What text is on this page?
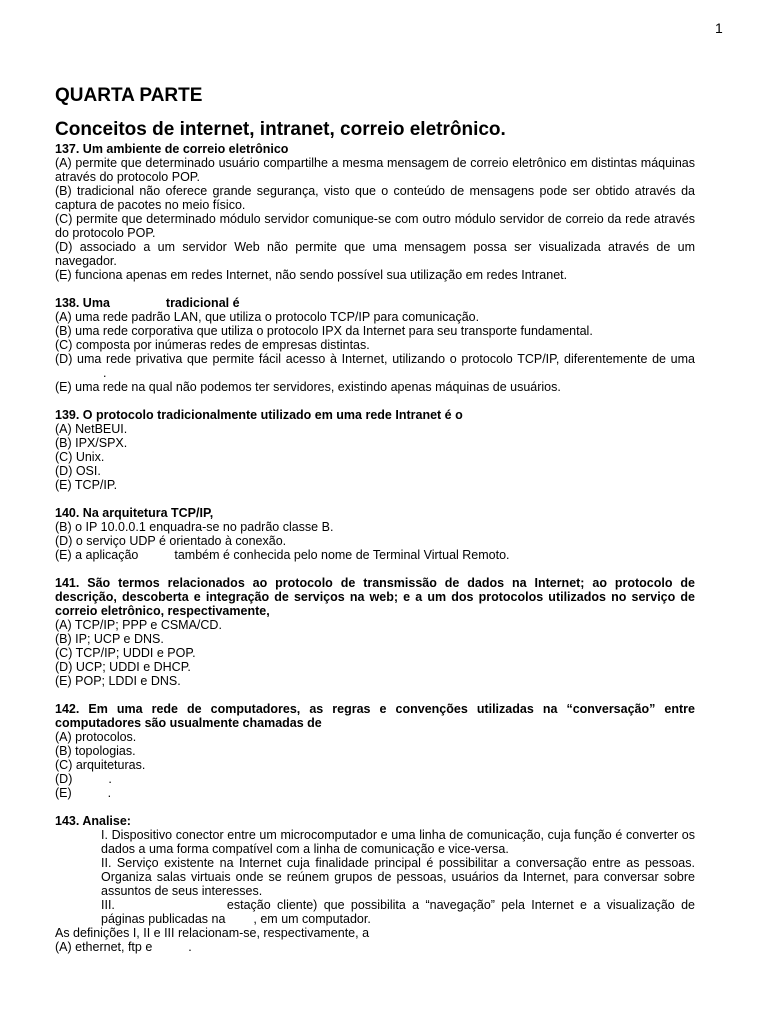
1
QUARTA PARTE
Conceitos de internet, intranet, correio eletrônico.
137. Um ambiente de correio eletrônico
(A) permite que determinado usuário compartilhe a mesma mensagem de correio eletrônico em distintas máquinas através do protocolo POP.
(B) tradicional não oferece grande segurança, visto que o conteúdo de mensagens pode ser obtido através da captura de pacotes no meio físico.
(C) permite que determinado módulo servidor comunique-se com outro módulo servidor de correio da rede através do protocolo POP.
(D) associado a um servidor Web não permite que uma mensagem possa ser visualizada através de um navegador.
(E) funciona apenas em redes Internet, não sendo possível sua utilização em redes Intranet.
138. Uma	tradicional é
(A) uma rede padrão LAN, que utiliza o protocolo TCP/IP para comunicação.
(B) uma rede corporativa que utiliza o protocolo IPX da Internet para seu transporte fundamental.
(C) composta por inúmeras redes de empresas distintas.
(D) uma rede privativa que permite fácil acesso à Internet, utilizando o protocolo TCP/IP, diferentemente de uma.
(E) uma rede na qual não podemos ter servidores, existindo apenas máquinas de usuários.
139. O protocolo tradicionalmente utilizado em uma rede Intranet é o
(A) NetBEUI.
(B) IPX/SPX.
(C) Unix.
(D) OSI.
(E) TCP/IP.
140. Na arquitetura TCP/IP,
(B) o IP 10.0.0.1 enquadra-se no padrão classe B.
(D) o serviço UDP é orientado à conexão.
(E) a aplicação	também é conhecida pelo nome de Terminal Virtual Remoto.
141. São termos relacionados ao protocolo de transmissão de dados na Internet; ao protocolo de descrição, descoberta e integração de serviços na web; e a um dos protocolos utilizados no serviço de correio eletrônico, respectivamente,
(A) TCP/IP; PPP e CSMA/CD.
(B) IP; UCP e DNS.
(C) TCP/IP; UDDI e POP.
(D) UCP; UDDI e DHCP.
(E) POP; LDDI e DNS.
142. Em uma rede de computadores, as regras e convenções utilizadas na “conversação” entre computadores são usualmente chamadas de
(A) protocolos.
(B) topologias.
(C) arquiteturas.
(D)	.
(E)	.
143. Analise:
I. Dispositivo conector entre um microcomputador e uma linha de comunicação, cuja função é converter os dados a uma forma compatível com a linha de comunicação e vice-versa.
II. Serviço existente na Internet cuja finalidade principal é possibilitar a conversação entre as pessoas. Organiza salas virtuais onde se reúnem grupos de pessoas, usuários da Internet, para conversar sobre assuntos de seus interesses.
III.	estação cliente) que possibilita a “navegação” pela Internet e a visualização de páginas publicadas na , em um computador.
As definições I, II e III relacionam-se, respectivamente, a
(A) ethernet, ftp e	.
